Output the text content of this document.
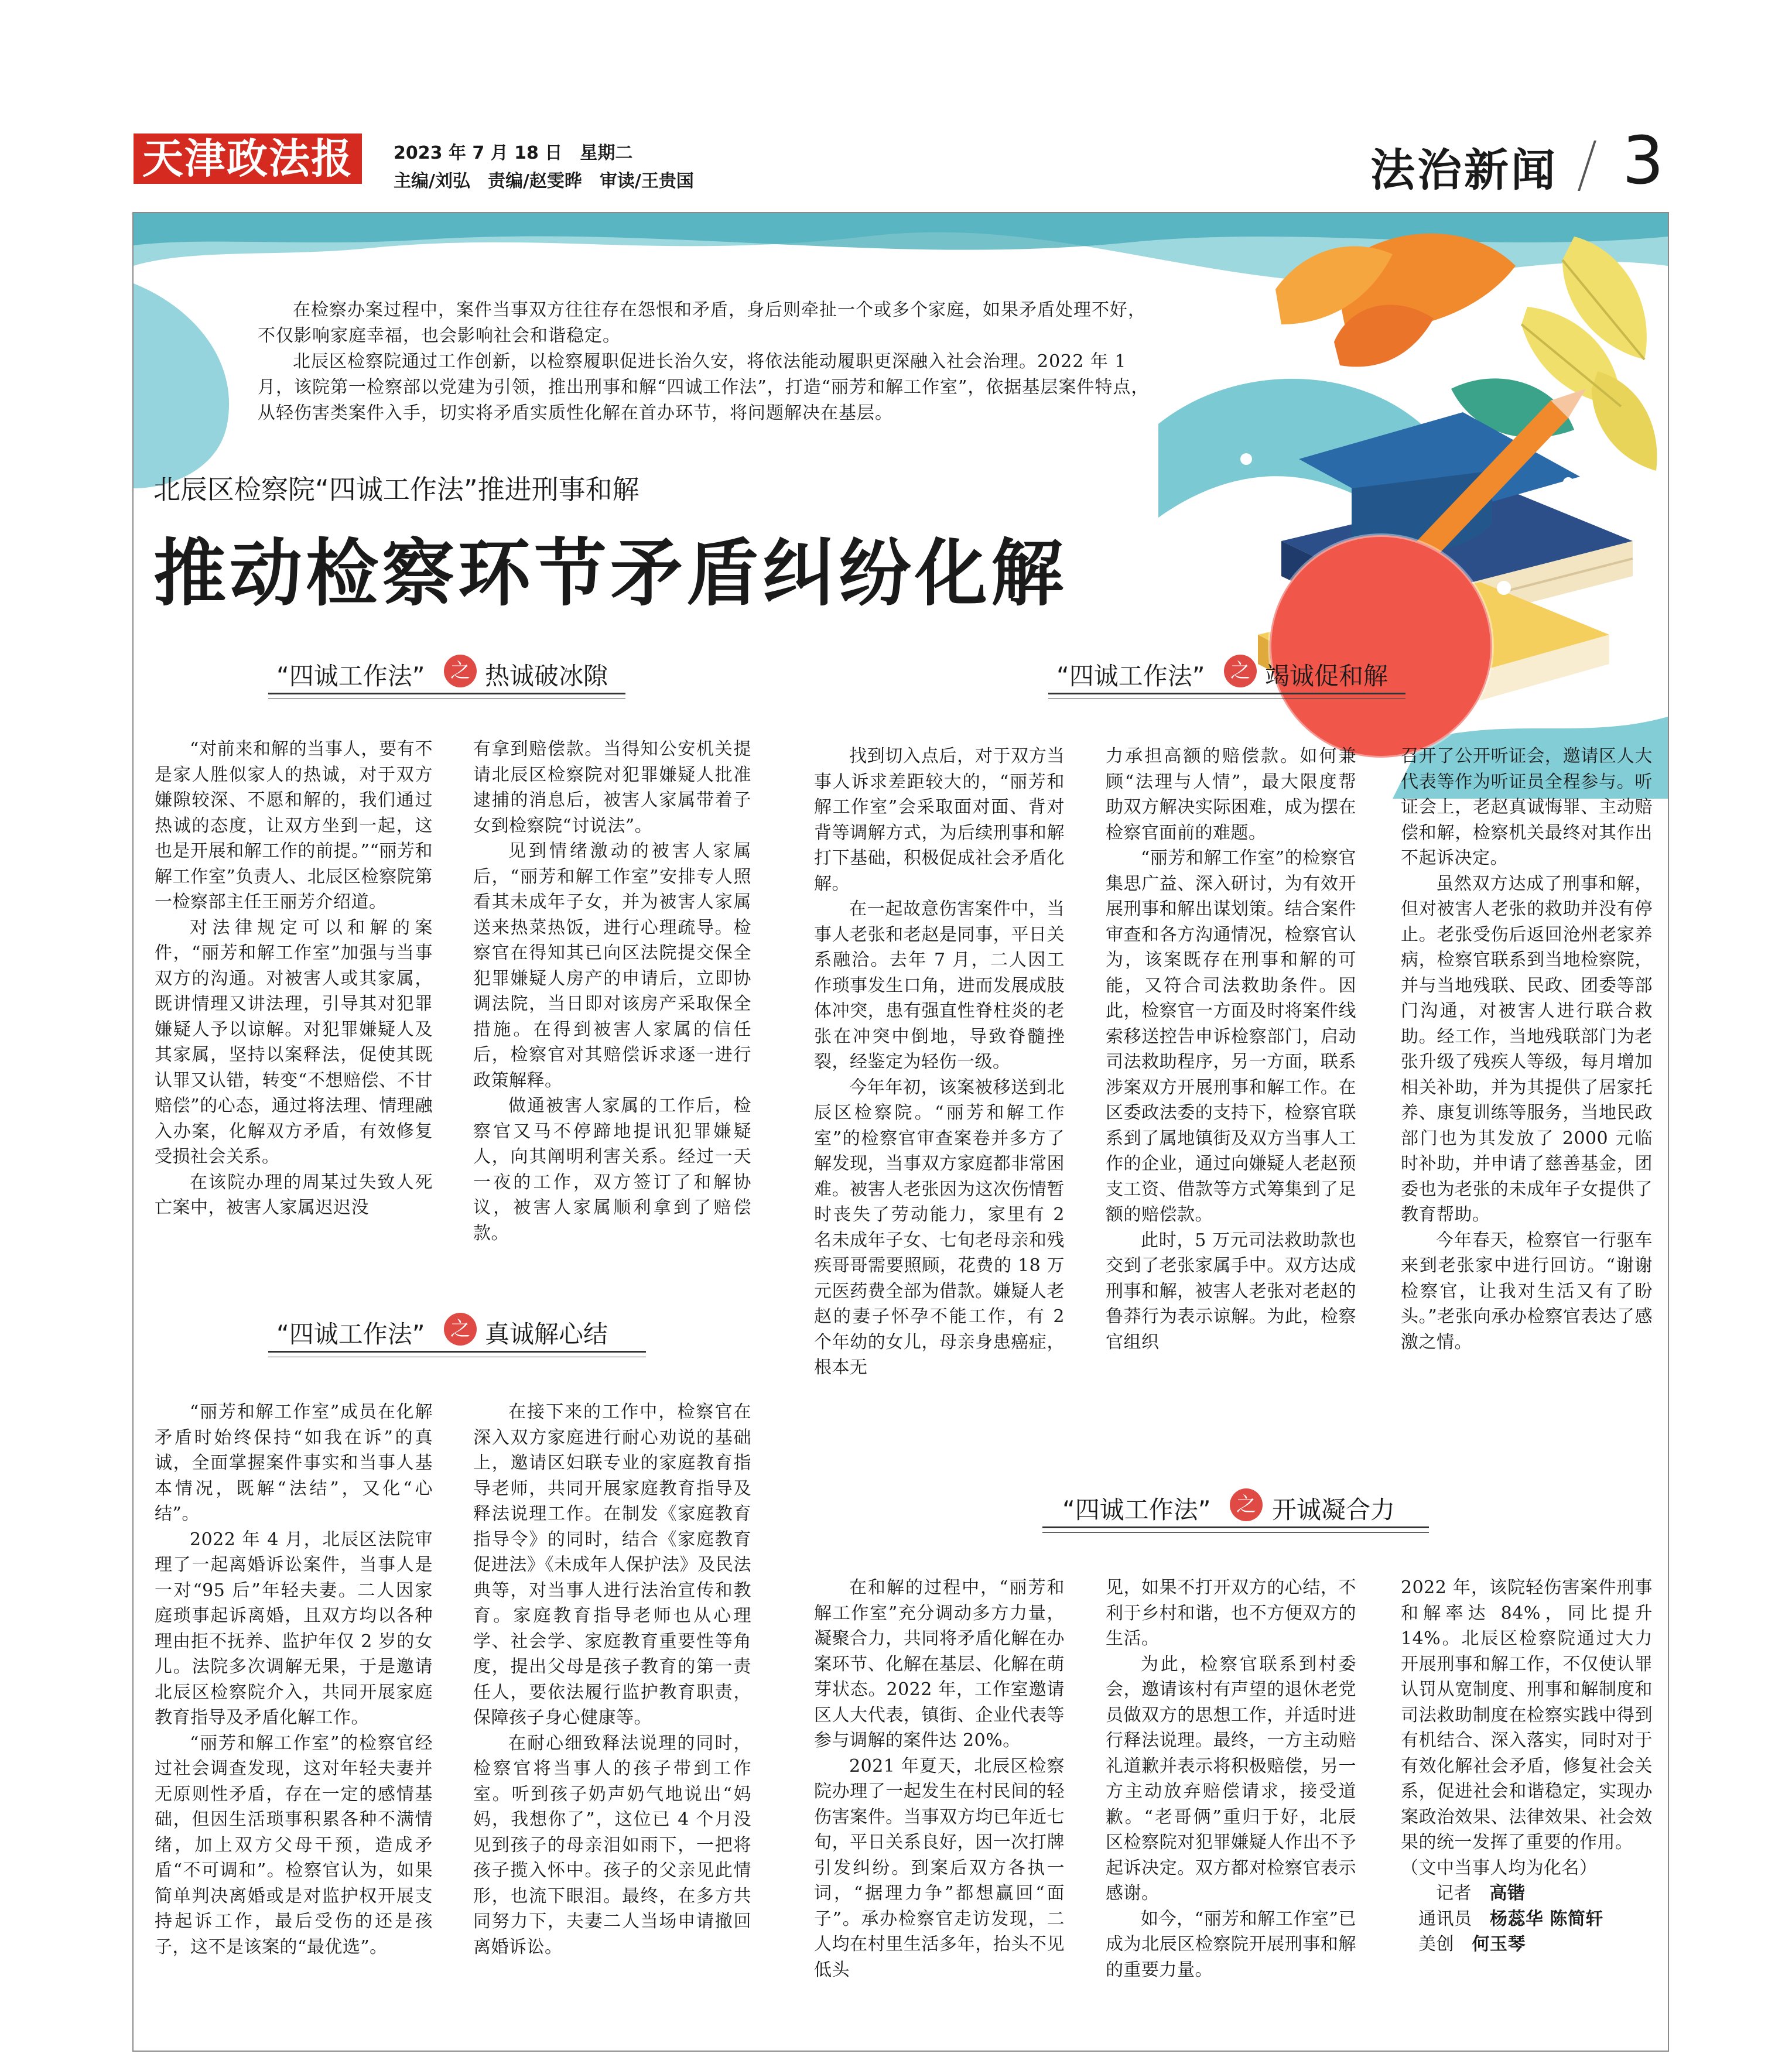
天津政法报	2023 年 7 月 18 日　星期二
主编/刘弘　责编/赵雯晔　审读/王贵国	法治新闻 3

在检察办案过程中，案件当事双方往往存在怨恨和矛盾，身后则牵扯一个或多个家庭，如果矛盾处理不好，不仅影响家庭幸福，也会影响社会和谐稳定。

北辰区检察院通过工作创新，以检察履职促进长治久安，将依法能动履职更深融入社会治理。2022 年 1 月，该院第一检察部以党建为引领，推出刑事和解“四诚工作法”，打造“丽芳和解工作室”，依据基层案件特点，从轻伤害类案件入手，切实将矛盾实质性化解在首办环节，将问题解决在基层。

北辰区检察院“四诚工作法”推进刑事和解
推动检察环节矛盾纠纷化解
“四诚工作法”	之 热诚破冰隙
“四诚工作法”	之 真诚解心结
“四诚工作法”	之 竭诚促和解
“四诚工作法”	之 开诚凝合力

“对前来和解的当事人，要有不是家人胜似家人的热诚，对于双方嫌隙较深、不愿和解的，我们通过热诚的态度，让双方坐到一起，这也是开展和解工作的前提。”“丽芳和解工作室”负责人、北辰区检察院第一检察部主任王丽芳介绍道。

对法律规定可以和解的案件，“丽芳和解工作室”加强与当事双方的沟通。对被害人或其家属，既讲情理又讲法理，引导其对犯罪嫌疑人予以谅解。对犯罪嫌疑人及其家属，坚持以案释法，促使其既认罪又认错，转变“不想赔偿、不甘赔偿”的心态，通过将法理、情理融入办案，化解双方矛盾，有效修复受损社会关系。

在该院办理的周某过失致人死亡案中，被害人家属迟迟没

有拿到赔偿款。当得知公安机关提请北辰区检察院对犯罪嫌疑人批准逮捕的消息后，被害人家属带着子女到检察院“讨说法”。

见到情绪激动的被害人家属后，“丽芳和解工作室”安排专人照看其未成年子女，并为被害人家属送来热菜热饭，进行心理疏导。检察官在得知其已向区法院提交保全犯罪嫌疑人房产的申请后，立即协调法院，当日即对该房产采取保全措施。在得到被害人家属的信任后，检察官对其赔偿诉求逐一进行政策解释。

做通被害人家属的工作后，检察官又马不停蹄地提讯犯罪嫌疑人，向其阐明利害关系。经过一天一夜的工作，双方签订了和解协议，被害人家属顺利拿到了赔偿款。

“丽芳和解工作室”成员在化解矛盾时始终保持“如我在诉”的真诚，全面掌握案件事实和当事人基本情况，既解“法结”，又化“心结”。

2022 年 4 月，北辰区法院审理了一起离婚诉讼案件，当事人是一对“95 后”年轻夫妻。二人因家庭琐事起诉离婚，且双方均以各种理由拒不抚养、监护年仅 2 岁的女儿。法院多次调解无果，于是邀请北辰区检察院介入，共同开展家庭教育指导及矛盾化解工作。

“丽芳和解工作室”的检察官经过社会调查发现，这对年轻夫妻并无原则性矛盾，存在一定的感情基础，但因生活琐事积累各种不满情绪，加上双方父母干预，造成矛盾“不可调和”。检察官认为，如果简单判决离婚或是对监护权开展支持起诉工作，最后受伤的还是孩子，这不是该案的“最优选”。

在接下来的工作中，检察官在深入双方家庭进行耐心劝说的基础上，邀请区妇联专业的家庭教育指导老师，共同开展家庭教育指导及释法说理工作。在制发《家庭教育指导令》的同时，结合《家庭教育促进法》《未成年人保护法》及民法典等，对当事人进行法治宣传和教育。家庭教育指导老师也从心理学、社会学、家庭教育重要性等角度，提出父母是孩子教育的第一责任人，要依法履行监护教育职责，保障孩子身心健康等。

在耐心细致释法说理的同时，检察官将当事人的孩子带到工作室。听到孩子奶声奶气地说出“妈妈，我想你了”，这位已 4 个月没见到孩子的母亲泪如雨下，一把将孩子揽入怀中。孩子的父亲见此情形，也流下眼泪。最终，在多方共同努力下，夫妻二人当场申请撤回离婚诉讼。

找到切入点后，对于双方当事人诉求差距较大的，“丽芳和解工作室”会采取面对面、背对背等调解方式，为后续刑事和解打下基础，积极促成社会矛盾化解。

在一起故意伤害案件中，当事人老张和老赵是同事，平日关系融洽。去年 7 月，二人因工作琐事发生口角，进而发展成肢体冲突，患有强直性脊柱炎的老张在冲突中倒地，导致脊髓挫裂，经鉴定为轻伤一级。

今年年初，该案被移送到北辰区检察院。“丽芳和解工作室”的检察官审查案卷并多方了解发现，当事双方家庭都非常困难。被害人老张因为这次伤情暂时丧失了劳动能力，家里有 2 名未成年子女、七旬老母亲和残疾哥哥需要照顾，花费的 18 万元医药费全部为借款。嫌疑人老赵的妻子怀孕不能工作，有 2 个年幼的女儿，母亲身患癌症，根本无

力承担高额的赔偿款。如何兼顾“法理与人情”，最大限度帮助双方解决实际困难，成为摆在检察官面前的难题。

“丽芳和解工作室”的检察官集思广益、深入研讨，为有效开展刑事和解出谋划策。结合案件审查和各方沟通情况，检察官认为，该案既存在刑事和解的可能，又符合司法救助条件。因此，检察官一方面及时将案件线索移送控告申诉检察部门，启动司法救助程序，另一方面，联系涉案双方开展刑事和解工作。在区委政法委的支持下，检察官联系到了属地镇街及双方当事人工作的企业，通过向嫌疑人老赵预支工资、借款等方式筹集到了足额的赔偿款。

此时，5 万元司法救助款也交到了老张家属手中。双方达成刑事和解，被害人老张对老赵的鲁莽行为表示谅解。为此，检察官组织

召开了公开听证会，邀请区人大代表等作为听证员全程参与。听证会上，老赵真诚悔罪、主动赔偿和解，检察机关最终对其作出不起诉决定。

虽然双方达成了刑事和解，但对被害人老张的救助并没有停止。老张受伤后返回沧州老家养病，检察官联系到当地检察院，并与当地残联、民政、团委等部门沟通，对被害人进行联合救助。经工作，当地残联部门为老张升级了残疾人等级，每月增加相关补助，并为其提供了居家托养、康复训练等服务，当地民政部门也为其发放了 2000 元临时补助，并申请了慈善基金，团委也为老张的未成年子女提供了教育帮助。

今年春天，检察官一行驱车来到老张家中进行回访。“谢谢检察官，让我对生活又有了盼头。”老张向承办检察官表达了感激之情。

在和解的过程中，“丽芳和解工作室”充分调动多方力量，凝聚合力，共同将矛盾化解在办案环节、化解在基层、化解在萌芽状态。2022 年，工作室邀请区人大代表，镇街、企业代表等参与调解的案件达 20%。

2021 年夏天，北辰区检察院办理了一起发生在村民间的轻伤害案件。当事双方均已年近七旬，平日关系良好，因一次打牌引发纠纷。到案后双方各执一词，“据理力争”都想赢回“面子”。承办检察官走访发现，二人均在村里生活多年，抬头不见低头

见，如果不打开双方的心结，不利于乡村和谐，也不方便双方的生活。

为此，检察官联系到村委会，邀请该村有声望的退休老党员做双方的思想工作，并适时进行释法说理。最终，一方主动赔礼道歉并表示将积极赔偿，另一方主动放弃赔偿请求，接受道歉。“老哥俩”重归于好，北辰区检察院对犯罪嫌疑人作出不予起诉决定。双方都对检察官表示感谢。

如今，“丽芳和解工作室”已成为北辰区检察院开展刑事和解的重要力量。

2022 年，该院轻伤害案件刑事和解率达 84%，同比提升 14%。北辰区检察院通过大力开展刑事和解工作，不仅使认罪认罚从宽制度、刑事和解制度和司法救助制度在检察实践中得到有机结合、深入落实，同时对于有效化解社会矛盾，修复社会关系，促进社会和谐稳定，实现办案政治效果、法律效果、社会效果的统一发挥了重要的作用。

（文中当事人均为化名）

记者　 高锴

通讯员　 杨蕊华 陈简轩

美创　 何玉琴
